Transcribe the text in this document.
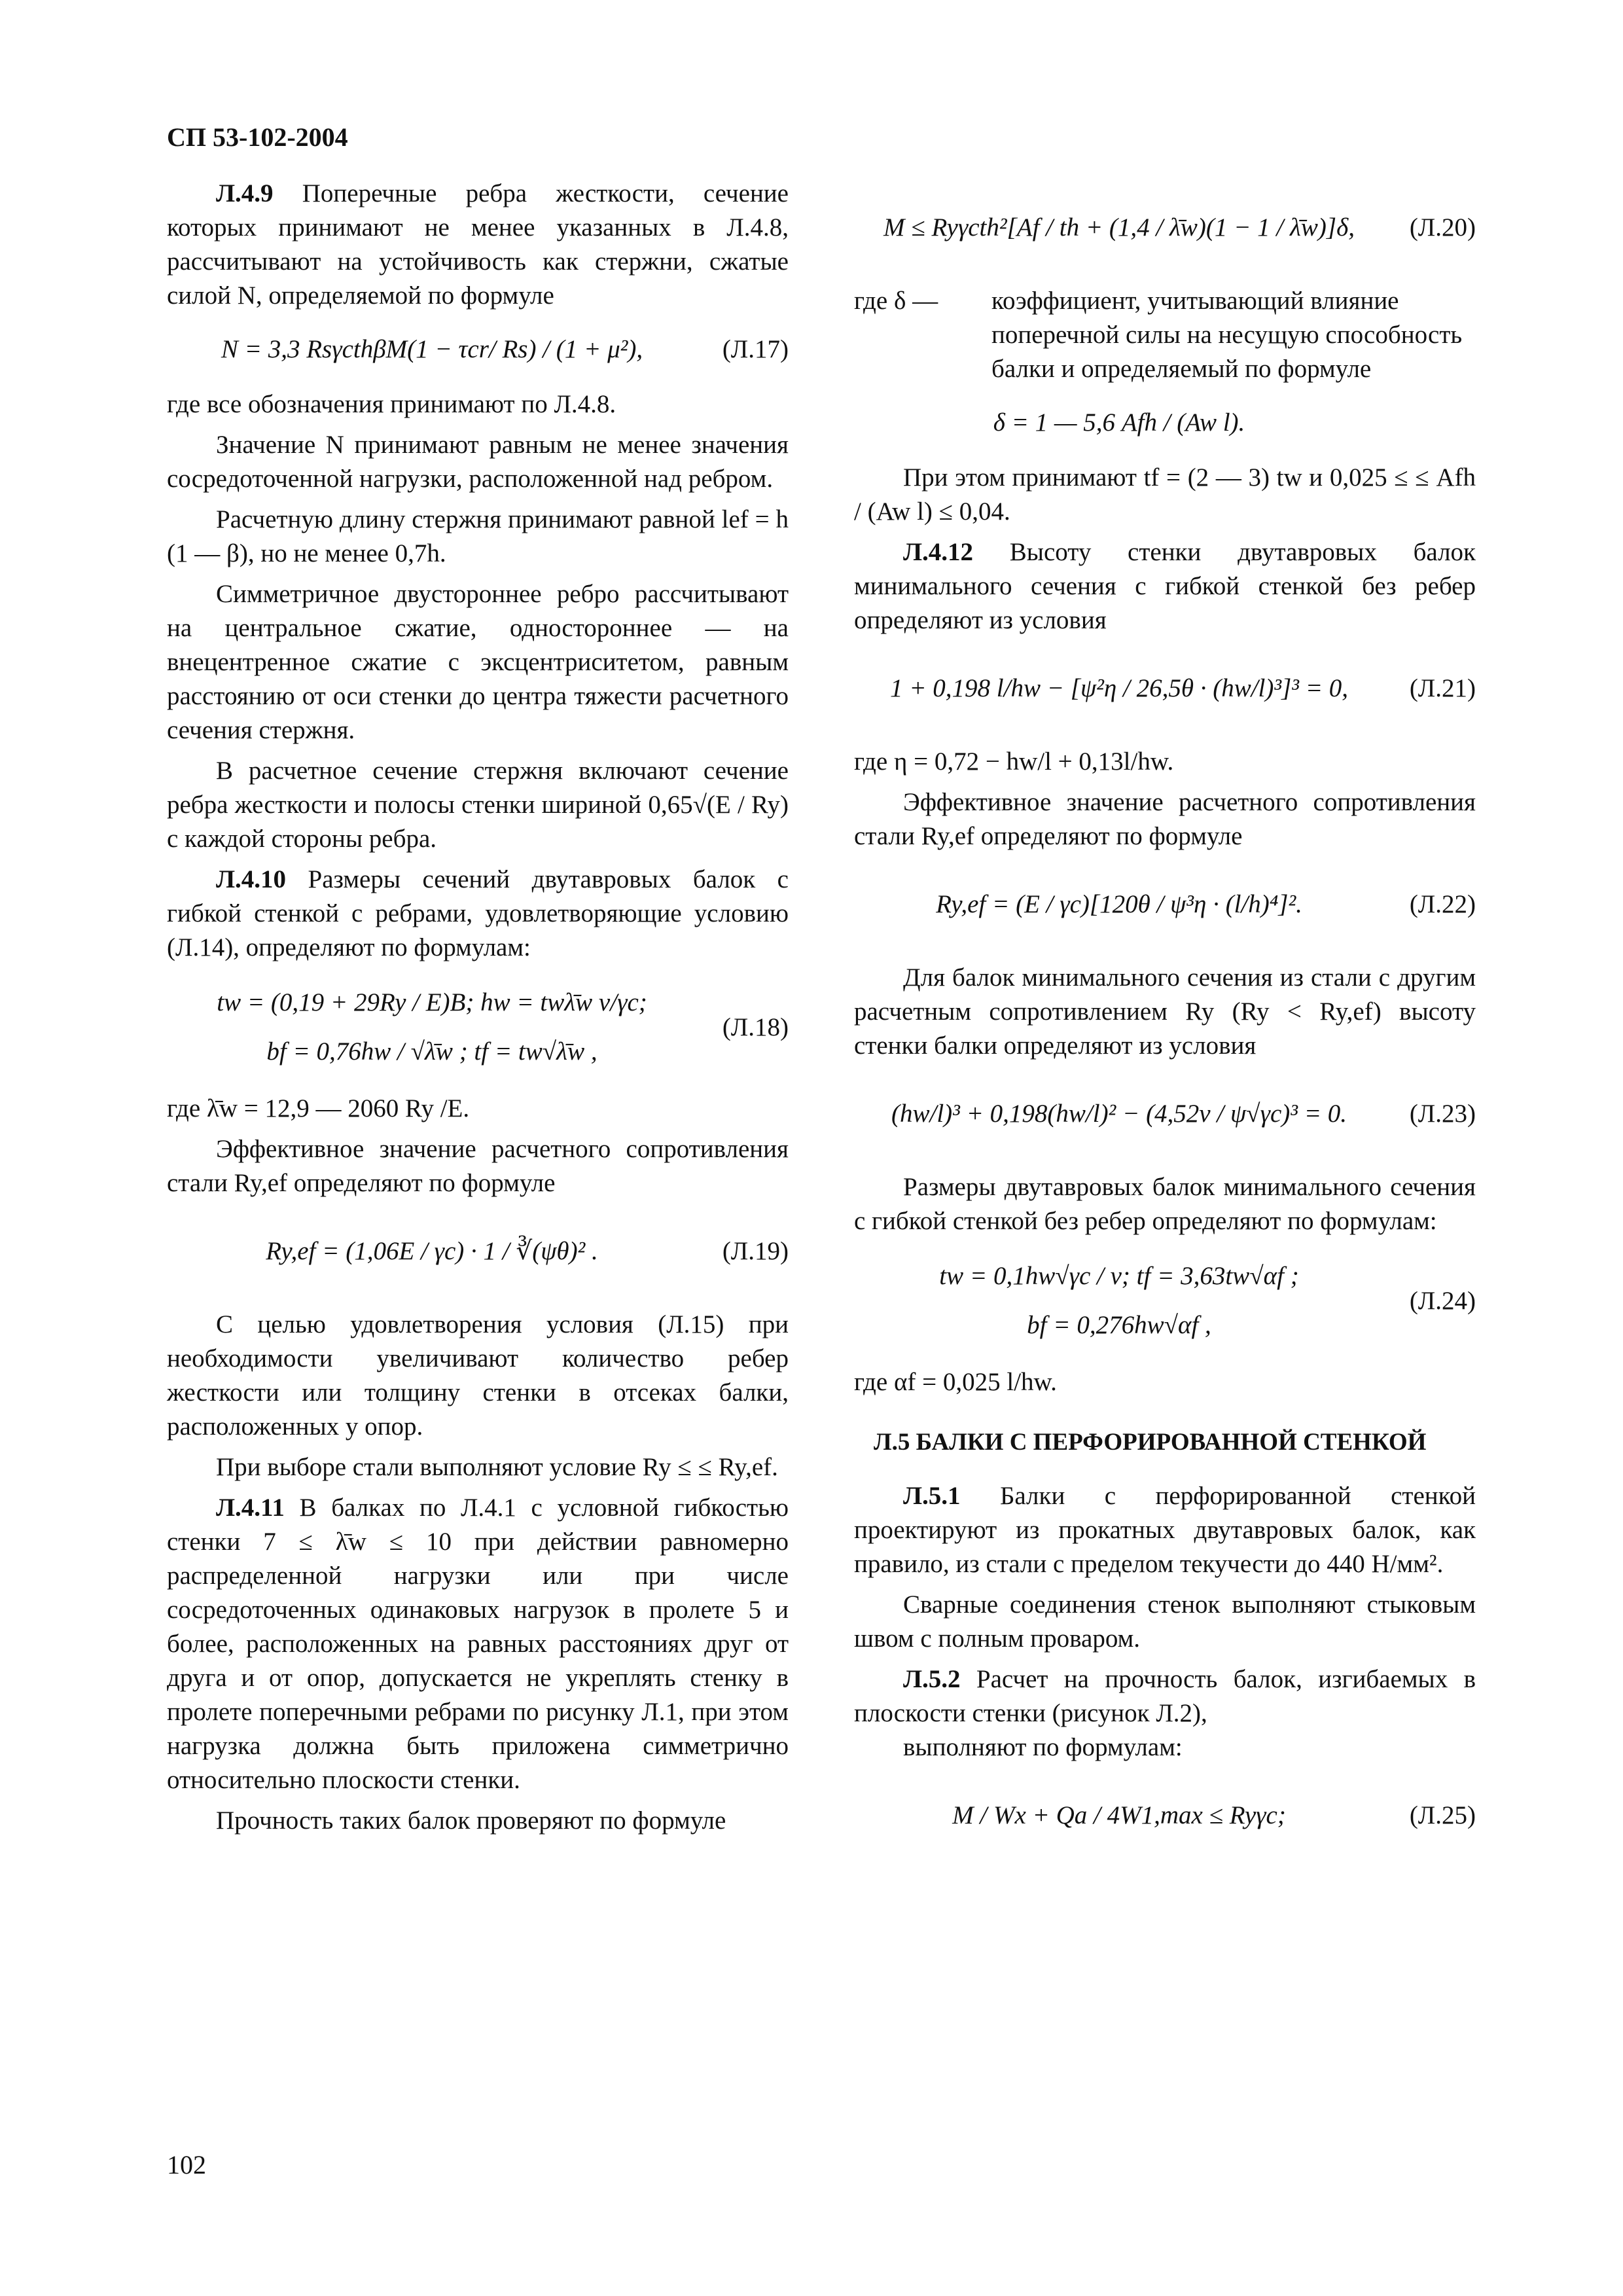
СП 53-102-2004

Л.4.9 Поперечные ребра жесткости, сечение которых принимают не менее указанных в Л.4.8, рассчитывают на устойчивость как стержни, сжатые силой N, определяемой по формуле

N = 3,3 RsγcthβΜ(1 − τcr/ Rs) / (1 + μ²),	(Л.17)

где все обозначения принимают по Л.4.8.

Значение N принимают равным не менее значения сосредоточенной нагрузки, расположенной над ребром.

Расчетную длину стержня принимают равной lef = h (1 — β), но не менее 0,7h.

Симметричное двустороннее ребро рассчитывают на центральное сжатие, одностороннее — на внецентренное сжатие с эксцентриситетом, равным расстоянию от оси стенки до центра тяжести расчетного сечения стержня.

В расчетное сечение стержня включают сечение ребра жесткости и полосы стенки шириной 0,65√(E / Ry) с каждой стороны ребра.

Л.4.10 Размеры сечений двутавровых балок с гибкой стенкой с ребрами, удовлетворяющие условию (Л.14), определяют по формулам:

tw = (0,19 + 29Ry / E)B; hw = twλ̄w ν/γc;
bf = 0,76hw / √λ̄w ; tf = tw√λ̄w ,
(Л.18)

где λ̄w = 12,9 — 2060 Ry /E.

Эффективное значение расчетного сопротивления стали Ry,ef определяют по формуле

Ry,ef = (1,06E / γc) · 1 / ∛(ψθ)² .	(Л.19)

С целью удовлетворения условия (Л.15) при необходимости увеличивают количество ребер жесткости или толщину стенки в отсеках балки, расположенных у опор.

При выборе стали выполняют условие Ry ≤ ≤ Ry,ef.

Л.4.11 В балках по Л.4.1 с условной гибкостью стенки 7 ≤ λ̄w ≤ 10 при действии равномерно распределенной нагрузки или при числе сосредоточенных одинаковых нагрузок в пролете 5 и более, расположенных на равных расстояниях друг от друга и от опор, допускается не укреплять стенку в пролете поперечными ребрами по рисунку Л.1, при этом нагрузка должна быть приложена симметрично относительно плоскости стенки.

Прочность таких балок проверяют по формуле

M ≤ Ryγcth²[Af / th + (1,4 / λ̄w)(1 − 1 / λ̄w)]δ,	(Л.20)
где δ — коэффициент, учитывающий влияние поперечной силы на несущую способность балки и определяемый по формуле
δ = 1 — 5,6 Afh / (Aw l).

При этом принимают tf = (2 — 3) tw и 0,025 ≤ ≤ Afh / (Aw l) ≤ 0,04.

Л.4.12 Высоту стенки двутавровых балок минимального сечения с гибкой стенкой без ребер определяют из условия

1 + 0,198 l/hw − [ψ²η / 26,5θ · (hw/l)³]³ = 0,	(Л.21)

где η = 0,72 − hw/l + 0,13l/hw.

Эффективное значение расчетного сопротивления стали Ry,ef определяют по формуле

Ry,ef = (E / γc)[120θ / ψ³η · (l/h)⁴]².	(Л.22)

Для балок минимального сечения из стали с другим расчетным сопротивлением Ry (Ry < Ry,ef) высоту стенки балки определяют из условия

(hw/l)³ + 0,198(hw/l)² − (4,52ν / ψ√γc)³ = 0.	(Л.23)

Размеры двутавровых балок минимального сечения с гибкой стенкой без ребер определяют по формулам:

tw = 0,1hw√γc / ν; tf = 3,63tw√αf ;
bf = 0,276hw√αf ,
(Л.24)

где αf = 0,025 l/hw.

Л.5 БАЛКИ С ПЕРФОРИРОВАННОЙ СТЕНКОЙ

Л.5.1 Балки с перфорированной стенкой проектируют из прокатных двутавровых балок, как правило, из стали с пределом текучести до 440 Н/мм².

Сварные соединения стенок выполняют стыковым швом с полным проваром.

Л.5.2 Расчет на прочность балок, изгибаемых в плоскости стенки (рисунок Л.2),

выполняют по формулам:

M / Wx + Qa / 4W1,max ≤ Ryγc;	(Л.25)
102
